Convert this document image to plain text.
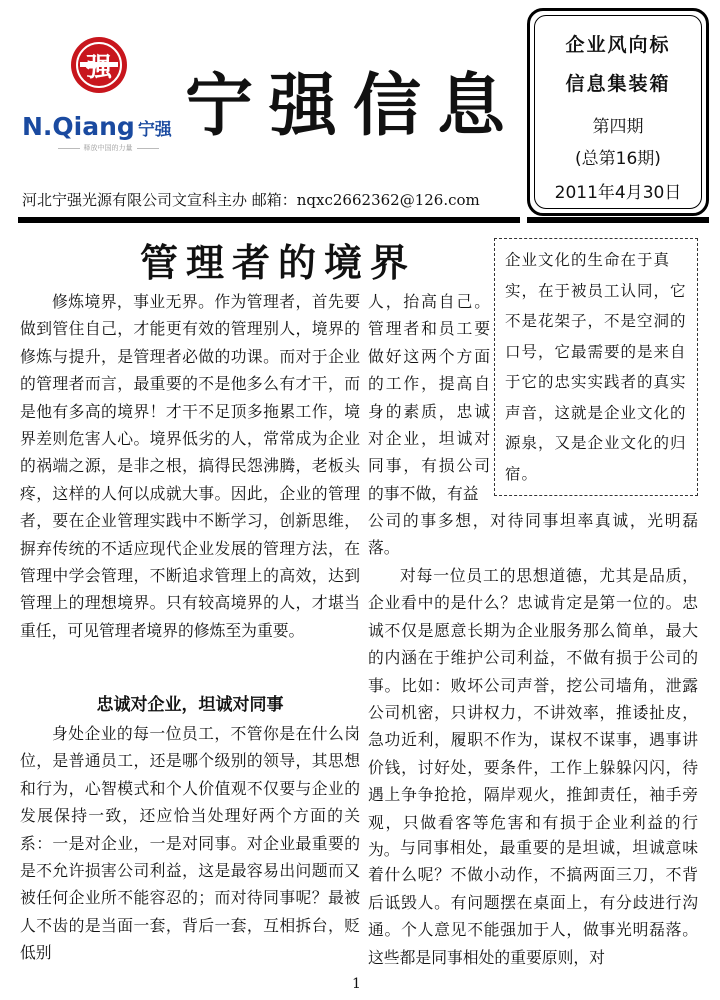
强
N.Qiang 宁强
释放中国的力量
宁强信息
企业风向标
信息集装箱
第四期
(总第16期)
2011年4月30日
河北宁强光源有限公司文宣科主办 邮箱：nqxc2662362@126.com
管理者的境界	企业文化的生命在于真实，在于被员工认同，它不是花架子，不是空洞的口号，它最需要的是来自于它的忠实实践者的真实声音，这就是企业文化的源泉，又是企业文化的归宿。

修炼境界，事业无界。作为管理者，首先要做到管住自己，才能更有效的管理别人，境界的修炼与提升，是管理者必做的功课。而对于企业的管理者而言，最重要的不是他多么有才干，而是他有多高的境界！才干不足顶多拖累工作，境界差则危害人心。境界低劣的人，常常成为企业的祸端之源，是非之根，搞得民怨沸腾，老板头疼，这样的人何以成就大事。因此，企业的管理者，要在企业管理实践中不断学习，创新思维，摒弃传统的不适应现代企业发展的管理方法，在管理中学会管理，不断追求管理上的高效，达到管理上的理想境界。只有较高境界的人，才堪当重任，可见管理者境界的修炼至为重要。

人，抬高自己。管理者和员工要做好这两个方面的工作，提高自身的素质，忠诚对企业，坦诚对同事，有损公司的事不做，有益

公司的事多想，对待同事坦率真诚，光明磊落。

对每一位员工的思想道德，尤其是品质，企业看中的是什么？忠诚肯定是第一位的。忠诚不仅是愿意长期为企业服务那么简单，最大的内涵在于维护公司利益，不做有损于公司的事。比如：败坏公司声誉，挖公司墙角，泄露公司机密，只讲权力，不讲效率，推诿扯皮，急功近利，履职不作为，谋权不谋事，遇事讲价钱，讨好处，要条件，工作上躲躲闪闪，待遇上争争抢抢，隔岸观火，推卸责任，袖手旁观，只做看客等危害和有损于企业利益的行为。 与同事相处，最重要的是坦诚，坦诚意味着什么呢？不做小动作，不搞两面三刀，不背后诋毁人。有问题摆在桌面上，有分歧进行沟通。个人意见不能强加于人，做事光明磊落。这些都是同事相处的重要原则，对

忠诚对企业，坦诚对同事

身处企业的每一位员工，不管你是在什么岗位，是普通员工，还是哪个级别的领导，其思想和行为，心智模式和个人价值观不仅要与企业的发展保持一致，还应恰当处理好两个方面的关系：一是对企业，一是对同事。对企业最重要的是不允许损害公司利益，这是最容易出问题而又被任何企业所不能容忍的；而对待同事呢？最被人不齿的是当面一套，背后一套，互相拆台，贬低别

1
